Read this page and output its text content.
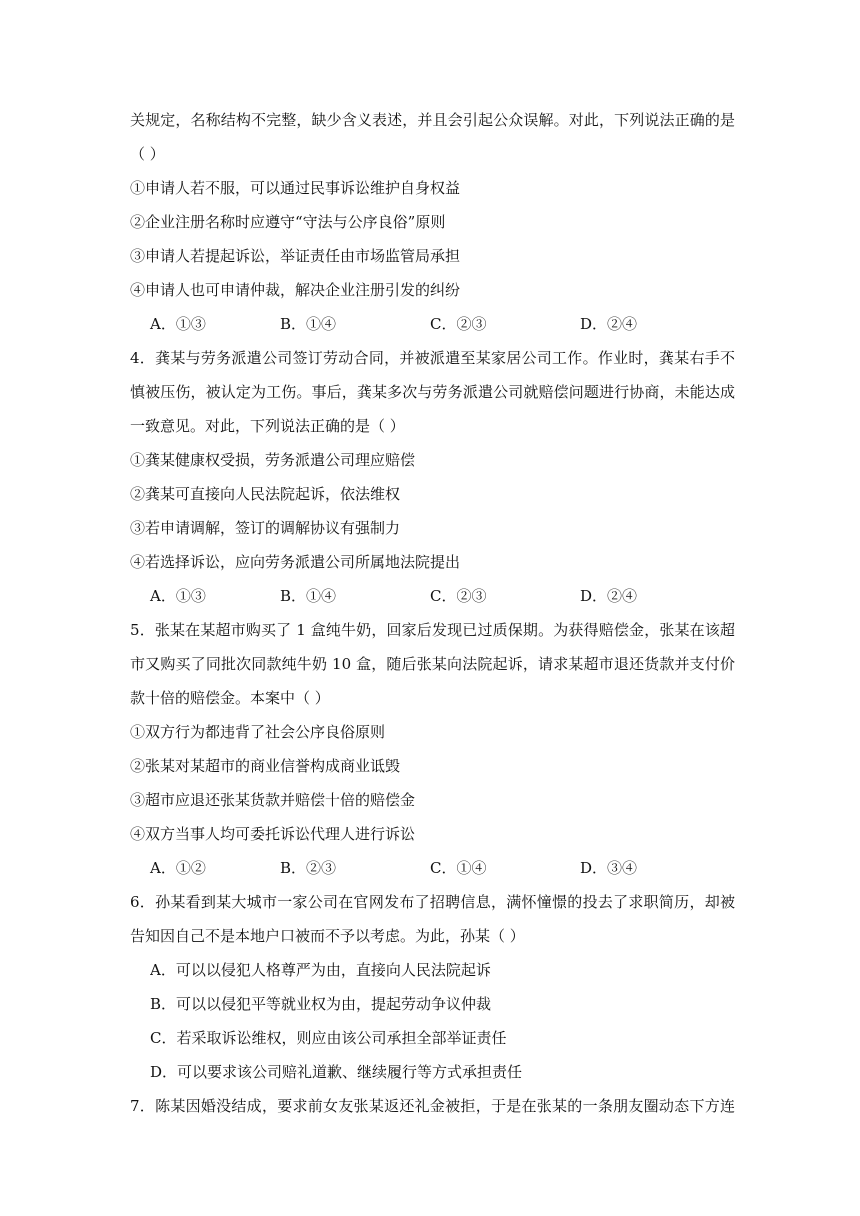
关规定，名称结构不完整，缺少含义表述，并且会引起公众误解。对此，下列说法正确的是
（ ）
①申请人若不服，可以通过民事诉讼维护自身权益
②企业注册名称时应遵守“守法与公序良俗”原则
③申请人若提起诉讼，举证责任由市场监管局承担
④申请人也可申请仲裁，解决企业注册引发的纠纷
A．①③	B．①④	C．②③	D．②④
4．龚某与劳务派遣公司签订劳动合同，并被派遣至某家居公司工作。作业时，龚某右手不
慎被压伤，被认定为工伤。事后，龚某多次与劳务派遣公司就赔偿问题进行协商，未能达成
一致意见。对此，下列说法正确的是（ ）
①龚某健康权受损，劳务派遣公司理应赔偿
②龚某可直接向人民法院起诉，依法维权
③若申请调解，签订的调解协议有强制力
④若选择诉讼，应向劳务派遣公司所属地法院提出
A．①③	B．①④	C．②③	D．②④
5．张某在某超市购买了 1 盒纯牛奶，回家后发现已过质保期。为获得赔偿金，张某在该超
市又购买了同批次同款纯牛奶 10 盒，随后张某向法院起诉，请求某超市退还货款并支付价
款十倍的赔偿金。本案中（ ）
①双方行为都违背了社会公序良俗原则
②张某对某超市的商业信誉构成商业诋毁
③超市应退还张某货款并赔偿十倍的赔偿金
④双方当事人均可委托诉讼代理人进行诉讼
A．①②	B．②③	C．①④	D．③④
6．孙某看到某大城市一家公司在官网发布了招聘信息，满怀憧憬的投去了求职简历，却被
告知因自己不是本地户口被而不予以考虑。为此，孙某（ ）
A．可以以侵犯人格尊严为由，直接向人民法院起诉
B．可以以侵犯平等就业权为由，提起劳动争议仲裁
C．若采取诉讼维权，则应由该公司承担全部举证责任
D．可以要求该公司赔礼道歉、继续履行等方式承担责任
7．陈某因婚没结成，要求前女友张某返还礼金被拒，于是在张某的一条朋友圈动态下方连
